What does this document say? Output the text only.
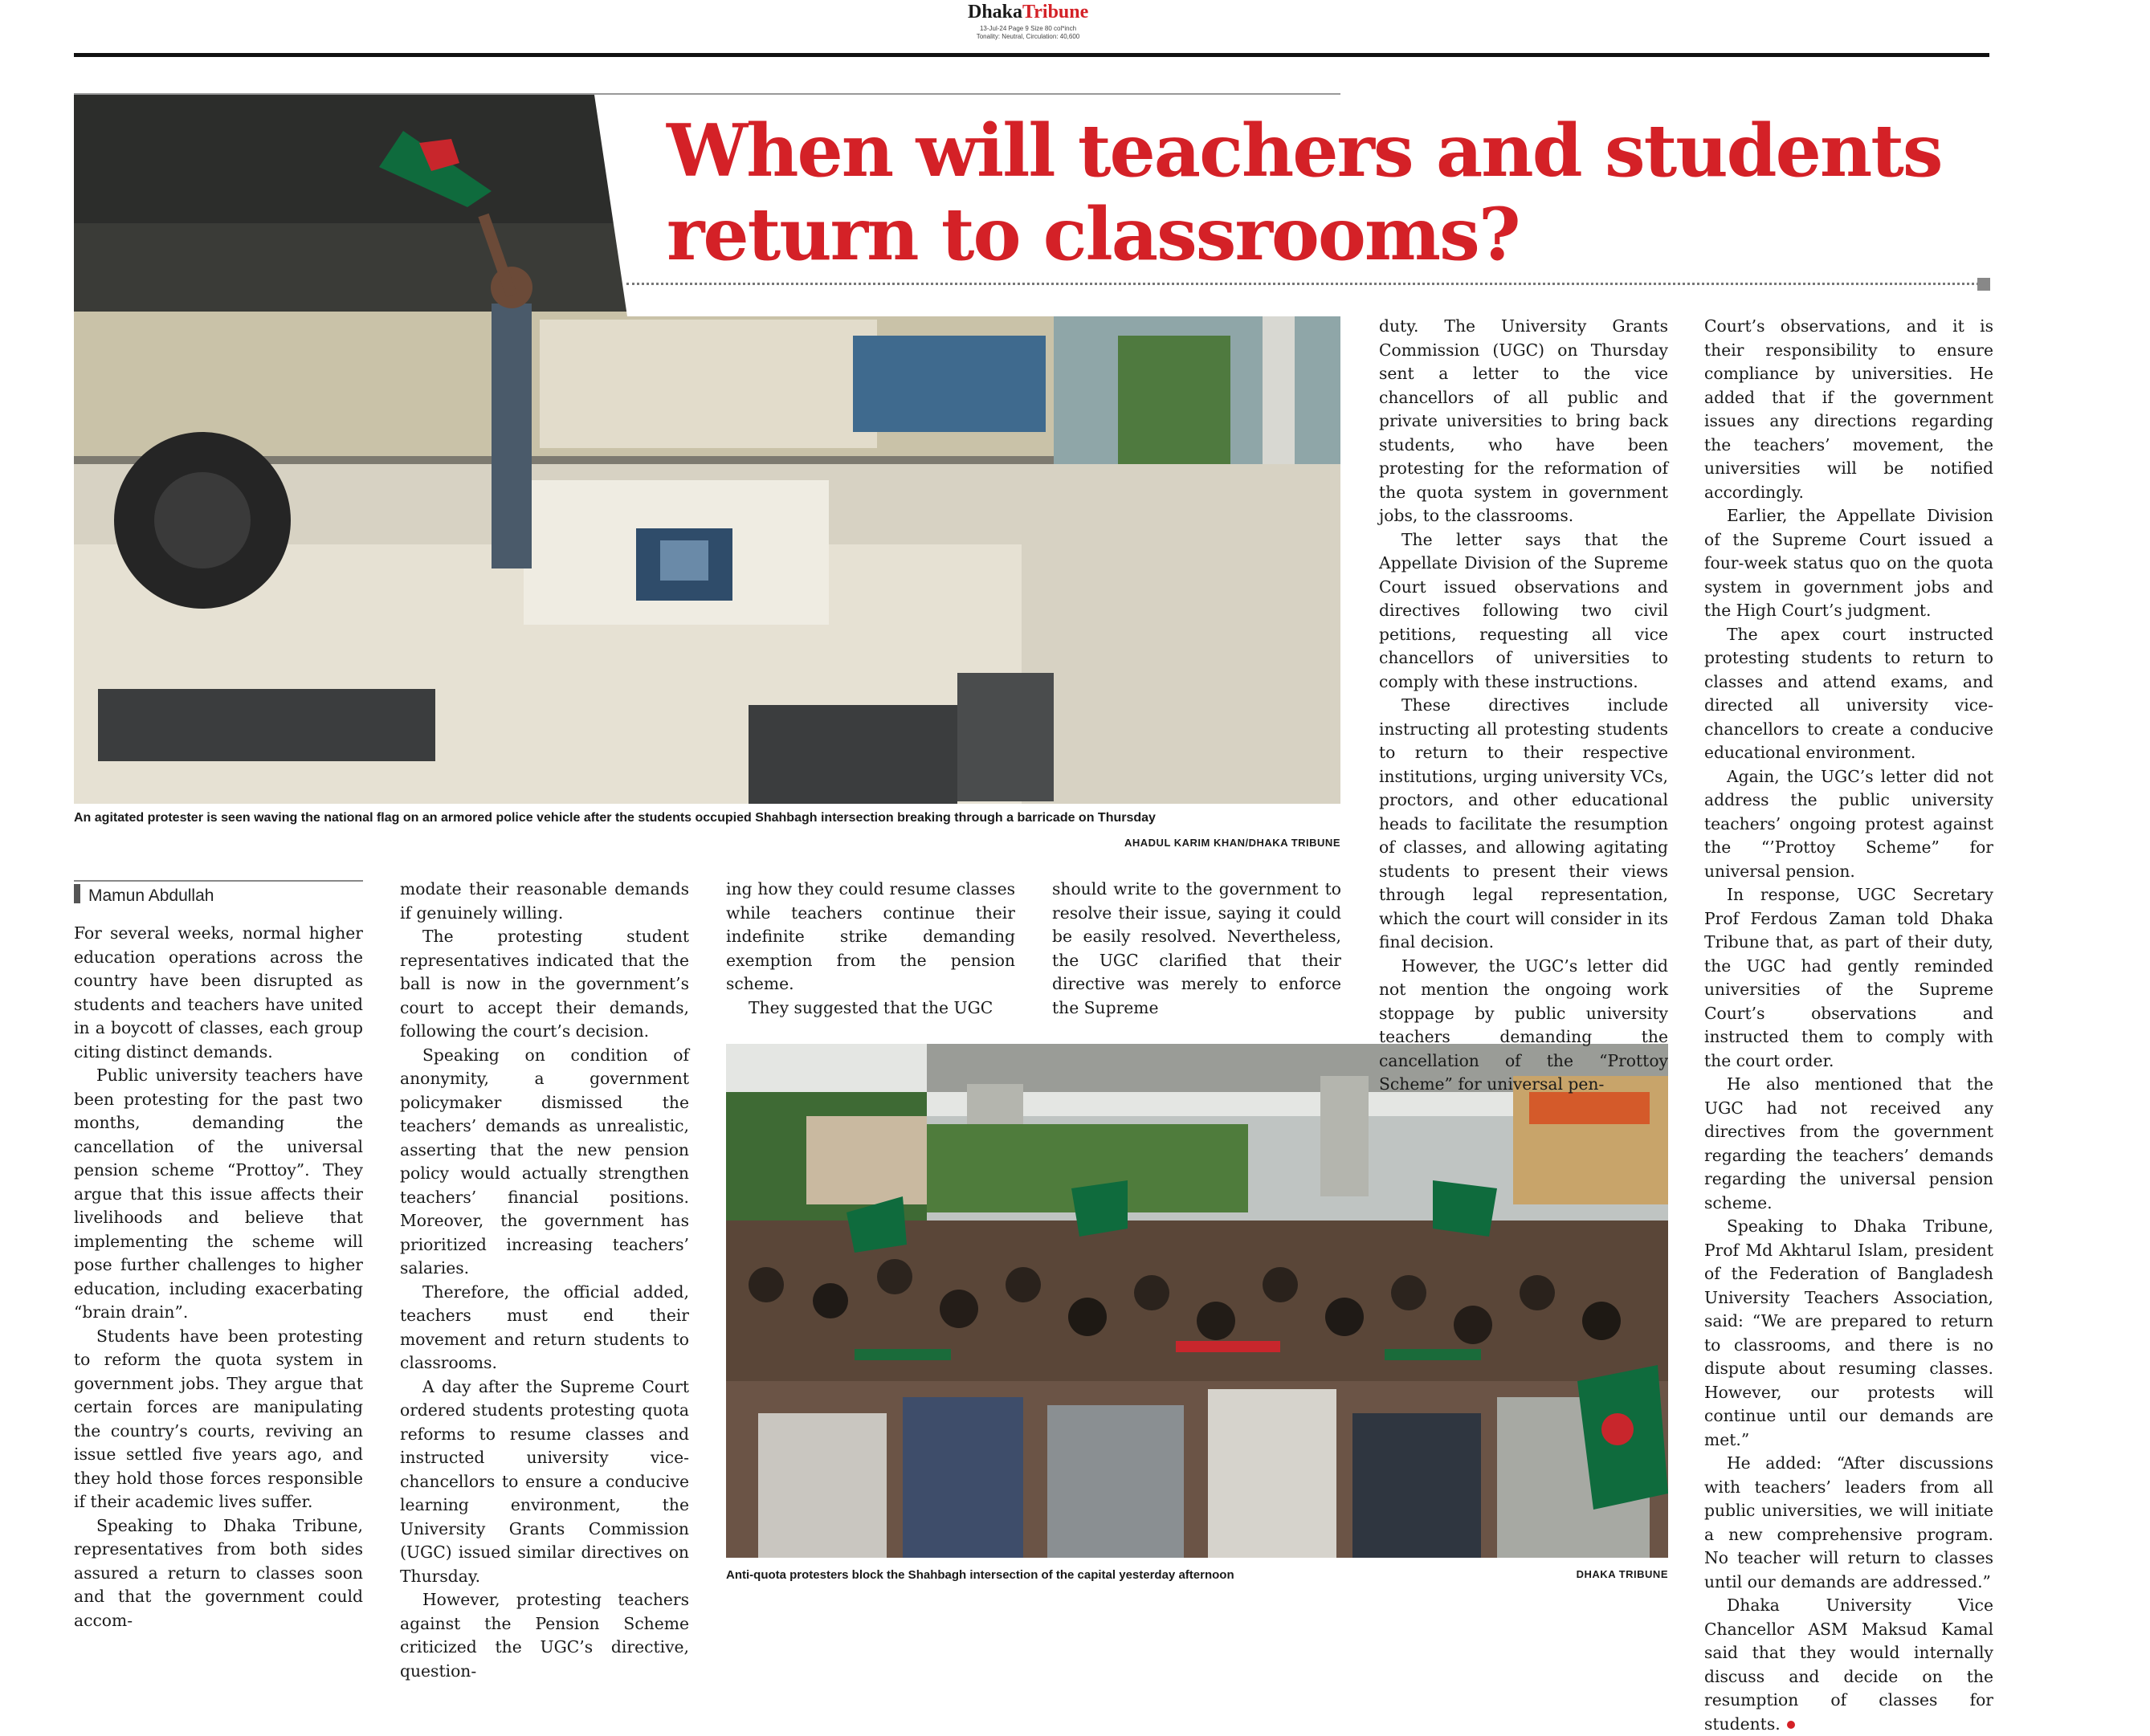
DhakaTribune
13-Jul-24 Page 9 Size 80 col*inch
Tonality: Neutral, Circulation: 40,600
When will teachers and students return to classrooms?
An agitated protester is seen waving the national flag on an armored police vehicle after the students occupied Shahbagh intersection breaking through a barricade on Thursday
AHADUL KARIM KHAN/DHAKA TRIBUNE
Mamun Abdullah

For several weeks, normal higher education operations across the country have been disrupted as students and teachers have united in a boycott of classes, each group citing distinct demands.

Public university teachers have been protesting for the past two months, demanding the cancellation of the universal pension scheme “Prottoy”. They argue that this issue affects their livelihoods and believe that implementing the scheme will pose further challenges to higher education, including exacerbating “brain drain”.

Students have been protesting to reform the quota system in government jobs. They argue that certain forces are manipulating the country’s courts, reviving an issue settled five years ago, and they hold those forces responsible if their academic lives suffer.

Speaking to Dhaka Tribune, representatives from both sides assured a return to classes soon and that the government could accom-

modate their reasonable demands if genuinely willing.

The protesting student representatives indicated that the ball is now in the government’s court to accept their demands, following the court’s decision.

Speaking on condition of anonymity, a government policymaker dismissed the teachers’ demands as unrealistic, asserting that the new pension policy would actually strengthen teachers’ financial positions. Moreover, the government has prioritized increasing teachers’ salaries.

Therefore, the official added, teachers must end their movement and return students to classrooms.

A day after the Supreme Court ordered students protesting quota reforms to resume classes and instructed university vice-chancellors to ensure a conducive learning environment, the University Grants Commission (UGC) issued similar directives on Thursday.

However, protesting teachers against the Pension Scheme criticized the UGC’s directive, question-

ing how they could resume classes while teachers continue their indefinite strike demanding exemption from the pension scheme.

They suggested that the UGC

should write to the government to resolve their issue, saying it could be easily resolved. Nevertheless, the UGC clarified that their directive was merely to enforce the Supreme

Anti-quota protesters block the Shahbagh intersection of the capital yesterday afternoon	DHAKA TRIBUNE

duty. The University Grants Commission (UGC) on Thursday sent a letter to the vice chancellors of all public and private universities to bring back students, who have been protesting for the reformation of the quota system in government jobs, to the classrooms.

The letter says that the Appellate Division of the Supreme Court issued observations and directives following two civil petitions, requesting all vice chancellors of universities to comply with these instructions.

These directives include instructing all protesting students to return to their respective institutions, urging university VCs, proctors, and other educational heads to facilitate the resumption of classes, and allowing agitating students to present their views through legal representation, which the court will consider in its final decision.

However, the UGC’s letter did not mention the ongoing work stoppage by public university teachers demanding the cancellation of the “Prottoy Scheme” for universal pen-

Court’s observations, and it is their responsibility to ensure compliance by universities. He added that if the government issues any directions regarding the teachers’ movement, the universities will be notified accordingly.

Earlier, the Appellate Division of the Supreme Court issued a four-week status quo on the quota system in government jobs and the High Court’s judgment.

The apex court instructed protesting students to return to classes and attend exams, and directed all university vice-chancellors to create a conducive educational environment.

Again, the UGC’s letter did not address the public university teachers’ ongoing protest against the “’Prottoy Scheme” for universal pension.

In response, UGC Secretary Prof Ferdous Zaman told Dhaka Tribune that, as part of their duty, the UGC had gently reminded universities of the Supreme Court’s observations and instructed them to comply with the court order.

He also mentioned that the UGC had not received any directives from the government regarding the teachers’ demands regarding the universal pension scheme.

Speaking to Dhaka Tribune, Prof Md Akhtarul Islam, president of the Federation of Bangladesh University Teachers Association, said: “We are prepared to return to classrooms, and there is no dispute about resuming classes. However, our protests will continue until our demands are met.”

He added: “After discussions with teachers’ leaders from all public universities, we will initiate a new comprehensive program. No teacher will return to classes until our demands are addressed.”

Dhaka University Vice Chancellor ASM Maksud Kamal said that they would internally discuss and decide on the resumption of classes for students.
